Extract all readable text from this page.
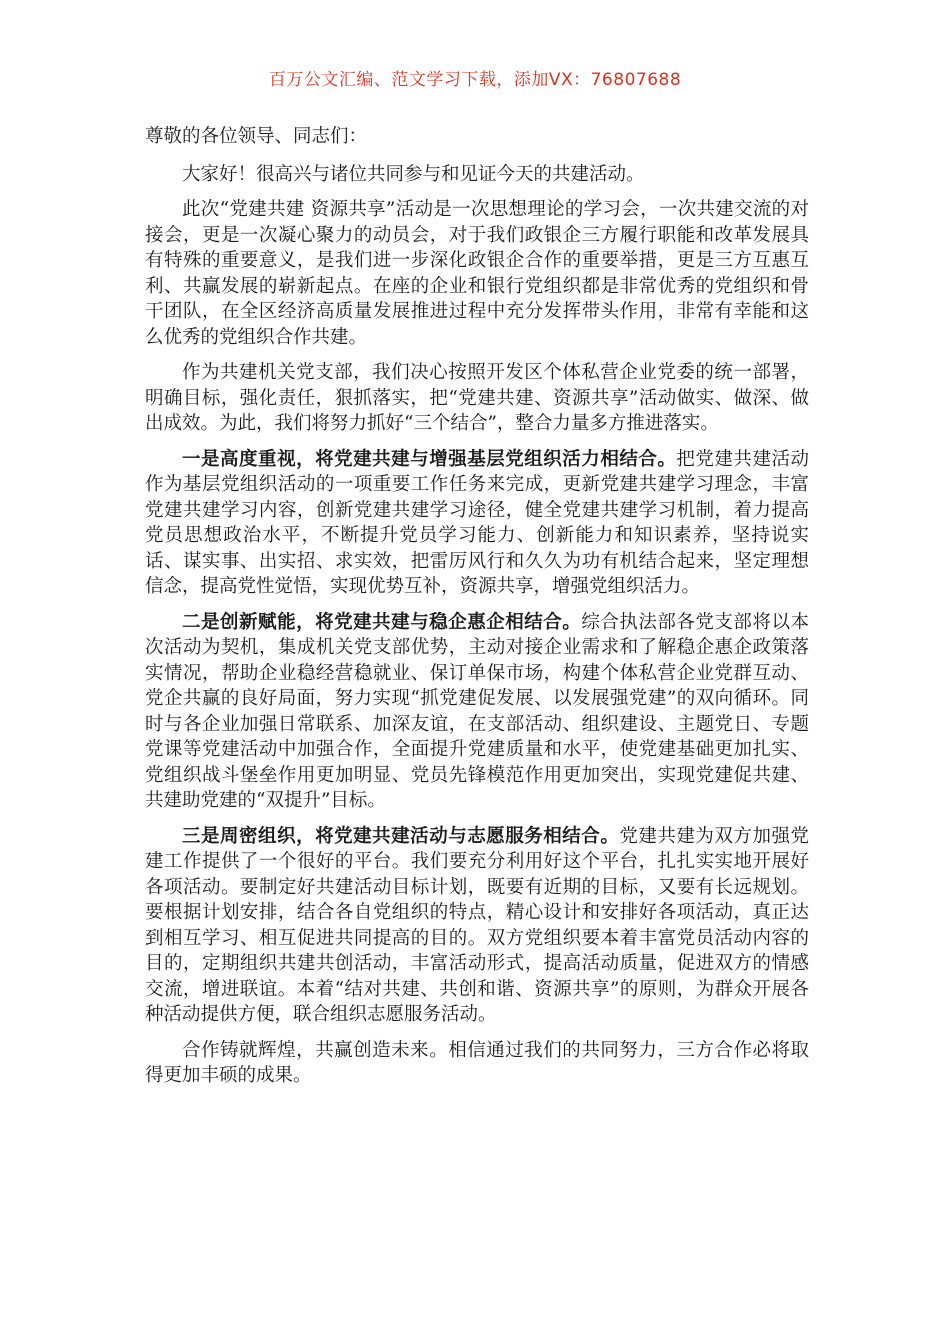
百万公文汇编、范文学习下载，添加VX：76807688

尊敬的各位领导、同志们：

大家好！很高兴与诸位共同参与和见证今天的共建活动。

此次“党建共建 资源共享”活动是一次思想理论的学习会，一次共建交流的对接会，更是一次凝心聚力的动员会，对于我们政银企三方履行职能和改革发展具有特殊的重要意义，是我们进一步深化政银企合作的重要举措，更是三方互惠互利、共赢发展的崭新起点。在座的企业和银行党组织都是非常优秀的党组织和骨干团队，在全区经济高质量发展推进过程中充分发挥带头作用，非常有幸能和这么优秀的党组织合作共建。

作为共建机关党支部，我们决心按照开发区个体私营企业党委的统一部署，明确目标，强化责任，狠抓落实，把“党建共建、资源共享”活动做实、做深、做出成效。为此，我们将努力抓好“三个结合”，整合力量多方推进落实。

一是高度重视，将党建共建与增强基层党组织活力相结合。把党建共建活动作为基层党组织活动的一项重要工作任务来完成，更新党建共建学习理念，丰富党建共建学习内容，创新党建共建学习途径，健全党建共建学习机制，着力提高党员思想政治水平，不断提升党员学习能力、创新能力和知识素养，坚持说实话、谋实事、出实招、求实效，把雷厉风行和久久为功有机结合起来，坚定理想信念，提高党性觉悟，实现优势互补，资源共享，增强党组织活力。

二是创新赋能，将党建共建与稳企惠企相结合。综合执法部各党支部将以本次活动为契机，集成机关党支部优势，主动对接企业需求和了解稳企惠企政策落实情况，帮助企业稳经营稳就业、保订单保市场，构建个体私营企业党群互动、党企共赢的良好局面，努力实现“抓党建促发展、以发展强党建”的双向循环。同时与各企业加强日常联系、加深友谊，在支部活动、组织建设、主题党日、专题党课等党建活动中加强合作，全面提升党建质量和水平，使党建基础更加扎实、党组织战斗堡垒作用更加明显、党员先锋模范作用更加突出，实现党建促共建、共建助党建的“双提升”目标。

三是周密组织，将党建共建活动与志愿服务相结合。党建共建为双方加强党建工作提供了一个很好的平台。我们要充分利用好这个平台，扎扎实实地开展好各项活动。要制定好共建活动目标计划，既要有近期的目标，又要有长远规划。要根据计划安排，结合各自党组织的特点，精心设计和安排好各项活动，真正达到相互学习、相互促进共同提高的目的。双方党组织要本着丰富党员活动内容的目的，定期组织共建共创活动，丰富活动形式，提高活动质量，促进双方的情感交流，增进联谊。本着“结对共建、共创和谐、资源共享”的原则，为群众开展各种活动提供方便，联合组织志愿服务活动。

合作铸就辉煌，共赢创造未来。相信通过我们的共同努力，三方合作必将取得更加丰硕的成果。
